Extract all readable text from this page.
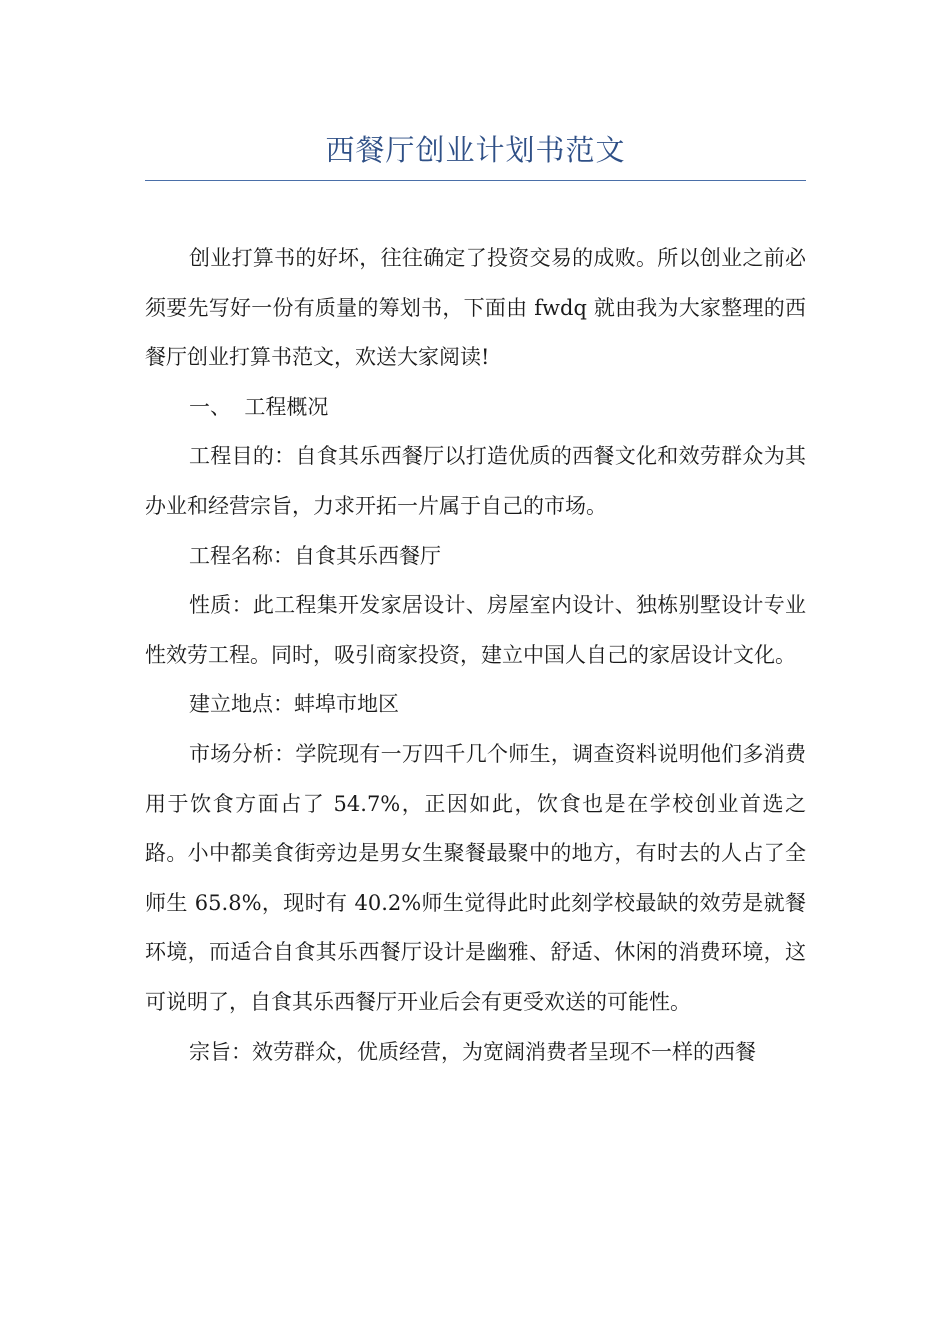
西餐厅创业计划书范文

创业打算书的好坏，往往确定了投资交易的成败。所以创业之前必须要先写好一份有质量的筹划书，下面由 fwdq 就由我为大家整理的西餐厅创业打算书范文，欢送大家阅读!

一、  工程概况

工程目的：自食其乐西餐厅以打造优质的西餐文化和效劳群众为其办业和经营宗旨，力求开拓一片属于自己的市场。

工程名称：自食其乐西餐厅

性质：此工程集开发家居设计、房屋室内设计、独栋别墅设计专业性效劳工程。同时，吸引商家投资，建立中国人自己的家居设计文化。

建立地点：蚌埠市地区

市场分析：学院现有一万四千几个师生，调查资料说明他们多消费用于饮食方面占了 54.7%，正因如此，饮食也是在学校创业首选之路。小中都美食街旁边是男女生聚餐最聚中的地方，有时去的人占了全师生 65.8%，现时有 40.2%师生觉得此时此刻学校最缺的效劳是就餐环境，而适合自食其乐西餐厅设计是幽雅、舒适、休闲的消费环境，这可说明了，自食其乐西餐厅开业后会有更受欢送的可能性。

宗旨：效劳群众，优质经营，为宽阔消费者呈现不一样的西餐
